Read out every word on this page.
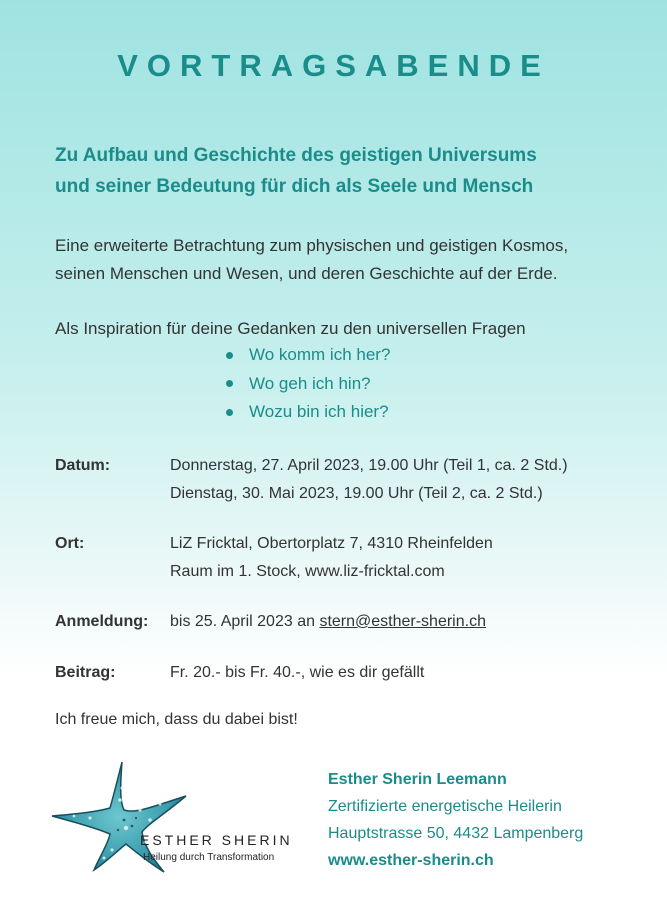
VORTRAGSABENDE
Zu Aufbau und Geschichte des geistigen Universums
und seiner Bedeutung für dich als Seele und Mensch
Eine erweiterte Betrachtung zum physischen und geistigen Kosmos,
seinen Menschen und Wesen, und deren Geschichte auf der Erde.
Als Inspiration für deine Gedanken zu den universellen Fragen
Wo komm ich her?
Wo geh ich hin?
Wozu bin ich hier?
Datum:	Donnerstag, 27. April 2023, 19.00 Uhr (Teil 1, ca. 2 Std.)
Dienstag, 30. Mai 2023, 19.00 Uhr (Teil 2, ca. 2 Std.)
Ort:	LiZ Fricktal, Obertorplatz 7, 4310 Rheinfelden
Raum im 1. Stock, www.liz-fricktal.com
Anmeldung: bis 25. April 2023 an stern@esther-sherin.ch
Beitrag:	Fr. 20.- bis Fr. 40.-, wie es dir gefällt
Ich freue mich, dass du dabei bist!
ESTHER SHERIN
Heilung durch Transformation
Esther Sherin Leemann
Zertifizierte energetische Heilerin
Hauptstrasse 50, 4432 Lampenberg
www.esther-sherin.ch
